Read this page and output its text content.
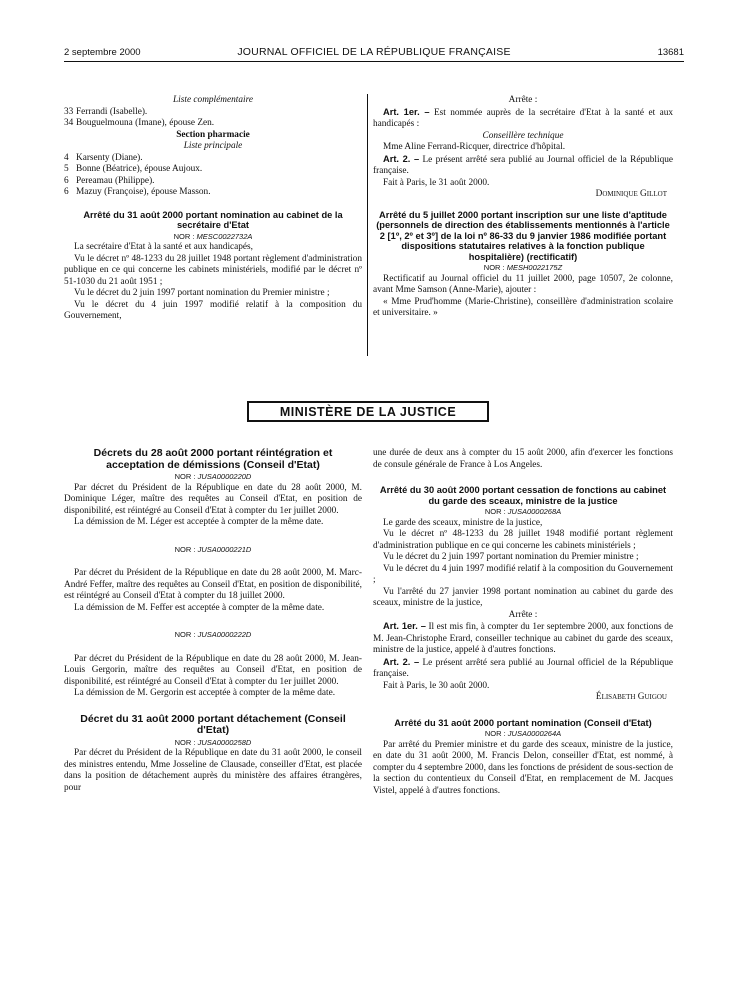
2 septembre 2000	JOURNAL OFFICIEL DE LA RÉPUBLIQUE FRANÇAISE	13681

Liste complémentaire

33 Ferrandi (Isabelle).

34 Bouguelmouna (Imane), épouse Zen.

Section pharmacie

Liste principale

4 Karsenty (Diane).

5 Bonne (Béatrice), épouse Aujoux.

6 Pereamau (Philippe).

6 Mazuy (Françoise), épouse Masson.

Arrêté du 31 août 2000 portant nomination au cabinet de la secrétaire d'Etat

NOR : MESC0022732A

La secrétaire d'Etat à la santé et aux handicapés,

Vu le décret nº 48-1233 du 28 juillet 1948 portant règlement d'administration publique en ce qui concerne les cabinets ministériels, modifié par le décret nº 51-1030 du 21 août 1951 ;

Vu le décret du 2 juin 1997 portant nomination du Premier ministre ;

Vu le décret du 4 juin 1997 modifié relatif à la composition du Gouvernement,

Arrête :

Art. 1er. – Est nommée auprès de la secrétaire d'Etat à la santé et aux handicapés :

Conseillère technique

Mme Aline Ferrand-Ricquer, directrice d'hôpital.

Art. 2. – Le présent arrêté sera publié au Journal officiel de la République française.

Fait à Paris, le 31 août 2000.

Dominique Gillot

Arrêté du 5 juillet 2000 portant inscription sur une liste d'aptitude (personnels de direction des établissements mentionnés à l'article 2 [1º, 2º et 3º] de la loi nº 86-33 du 9 janvier 1986 modifiée portant dispositions statutaires relatives à la fonction publique hospitalière) (rectificatif)

NOR : MESH0022175Z

Rectificatif au Journal officiel du 11 juillet 2000, page 10507, 2e colonne, avant Mme Samson (Anne-Marie), ajouter :

« Mme Prud'homme (Marie-Christine), conseillère d'administration scolaire et universitaire. »

MINISTÈRE DE LA JUSTICE

Décrets du 28 août 2000 portant réintégration et acceptation de démissions (Conseil d'Etat)

NOR : JUSA0000220D

Par décret du Président de la République en date du 28 août 2000, M. Dominique Léger, maître des requêtes au Conseil d'Etat, en position de disponibilité, est réintégré au Conseil d'Etat à compter du 1er juillet 2000.

La démission de M. Léger est acceptée à compter de la même date.

NOR : JUSA0000221D

Par décret du Président de la République en date du 28 août 2000, M. Marc-André Feffer, maître des requêtes au Conseil d'Etat, en position de disponibilité, est réintégré au Conseil d'Etat à compter du 18 juillet 2000.

La démission de M. Feffer est acceptée à compter de la même date.

NOR : JUSA0000222D

Par décret du Président de la République en date du 28 août 2000, M. Jean-Louis Gergorin, maître des requêtes au Conseil d'Etat, en position de disponibilité, est réintégré au Conseil d'Etat à compter du 1er juillet 2000.

La démission de M. Gergorin est acceptée à compter de la même date.

Décret du 31 août 2000 portant détachement (Conseil d'Etat)

NOR : JUSA0000258D

Par décret du Président de la République en date du 31 août 2000, le conseil des ministres entendu, Mme Josseline de Clausade, conseiller d'Etat, est placée dans la position de détachement auprès du ministère des affaires étrangères, pour

une durée de deux ans à compter du 15 août 2000, afin d'exercer les fonctions de consule générale de France à Los Angeles.

Arrêté du 30 août 2000 portant cessation de fonctions au cabinet du garde des sceaux, ministre de la justice

NOR : JUSA0000268A

Le garde des sceaux, ministre de la justice,

Vu le décret nº 48-1233 du 28 juillet 1948 modifié portant règlement d'administration publique en ce qui concerne les cabinets ministériels ;

Vu le décret du 2 juin 1997 portant nomination du Premier ministre ;

Vu le décret du 4 juin 1997 modifié relatif à la composition du Gouvernement ;

Vu l'arrêté du 27 janvier 1998 portant nomination au cabinet du garde des sceaux, ministre de la justice,

Arrête :

Art. 1er. – Il est mis fin, à compter du 1er septembre 2000, aux fonctions de M. Jean-Christophe Erard, conseiller technique au cabinet du garde des sceaux, ministre de la justice, appelé à d'autres fonctions.

Art. 2. – Le présent arrêté sera publié au Journal officiel de la République française.

Fait à Paris, le 30 août 2000.

Élisabeth Guigou

Arrêté du 31 août 2000 portant nomination (Conseil d'Etat)

NOR : JUSA0000264A

Par arrêté du Premier ministre et du garde des sceaux, ministre de la justice, en date du 31 août 2000, M. Francis Delon, conseiller d'Etat, est nommé, à compter du 4 septembre 2000, dans les fonctions de président de sous-section de la section du contentieux du Conseil d'Etat, en remplacement de M. Jacques Vistel, appelé à d'autres fonctions.
